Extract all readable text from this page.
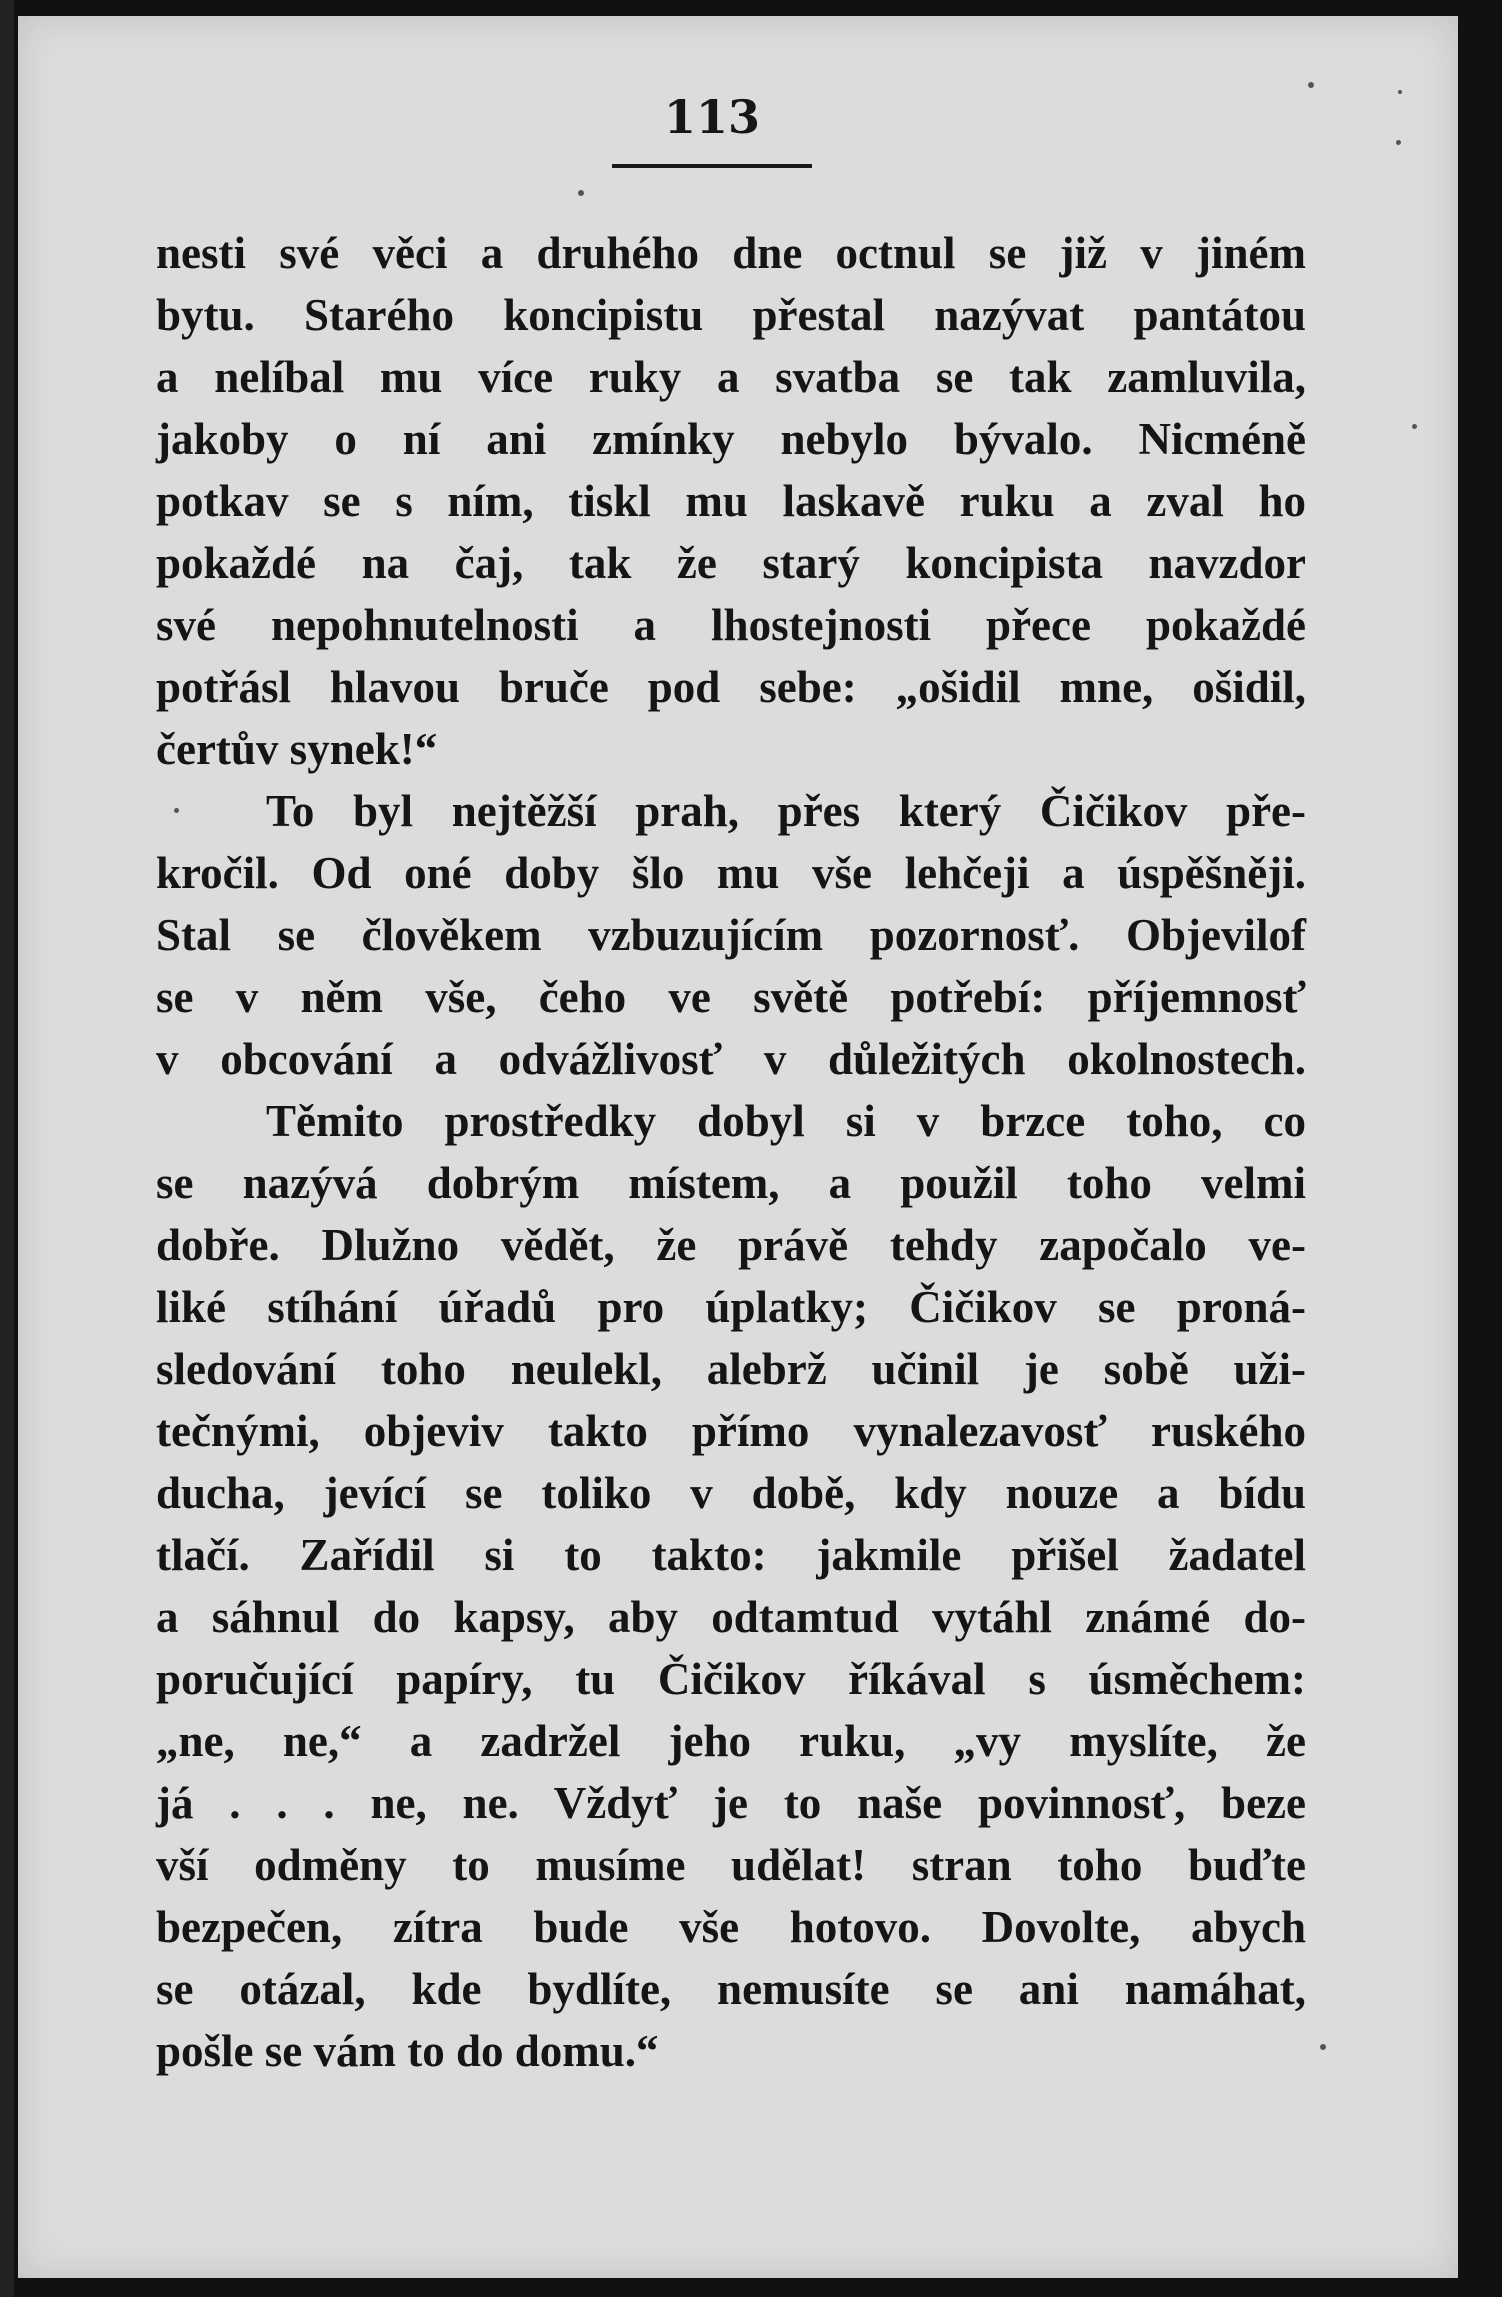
113
nesti své věci a druhého dne octnul se již v jiném
bytu. Starého koncipistu přestal nazývat pantátou
a nelíbal mu více ruky a svatba se tak zamluvila,
jakoby o ní ani zmínky nebylo bývalo. Nicméně
potkav se s ním, tiskl mu laskavě ruku a zval ho
pokaždé na čaj, tak že starý koncipista navzdor
své nepohnutelnosti a lhostejnosti přece pokaždé
potřásl hlavou bruče pod sebe: „ošidil mne, ošidil,
čertův synek!“
To byl nejtěžší prah, přes který Čičikov pře-
kročil. Od oné doby šlo mu vše lehčeji a úspěšněji.
Stal se člověkem vzbuzujícím pozornosť. Objevilof
se v něm vše, čeho ve světě potřebí: příjemnosť
v obcování a odvážlivosť v důležitých okolnostech.
Těmito prostředky dobyl si v brzce toho, co
se nazývá dobrým místem, a použil toho velmi
dobře. Dlužno vědět, že právě tehdy započalo ve-
liké stíhání úřadů pro úplatky; Čičikov se proná-
sledování toho neulekl, alebrž učinil je sobě uži-
tečnými, objeviv takto přímo vynalezavosť ruského
ducha, jevící se toliko v době, kdy nouze a bídu
tlačí. Zařídil si to takto: jakmile přišel žadatel
a sáhnul do kapsy, aby odtamtud vytáhl známé do-
poručující papíry, tu Čičikov říkával s úsměchem:
„ne, ne,“ a zadržel jeho ruku, „vy myslíte, že
já . . . ne, ne. Vždyť je to naše povinnosť, beze
vší odměny to musíme udělat! stran toho buďte
bezpečen, zítra bude vše hotovo. Dovolte, abych
se otázal, kde bydlíte, nemusíte se ani namáhat,
pošle se vám to do domu.“
